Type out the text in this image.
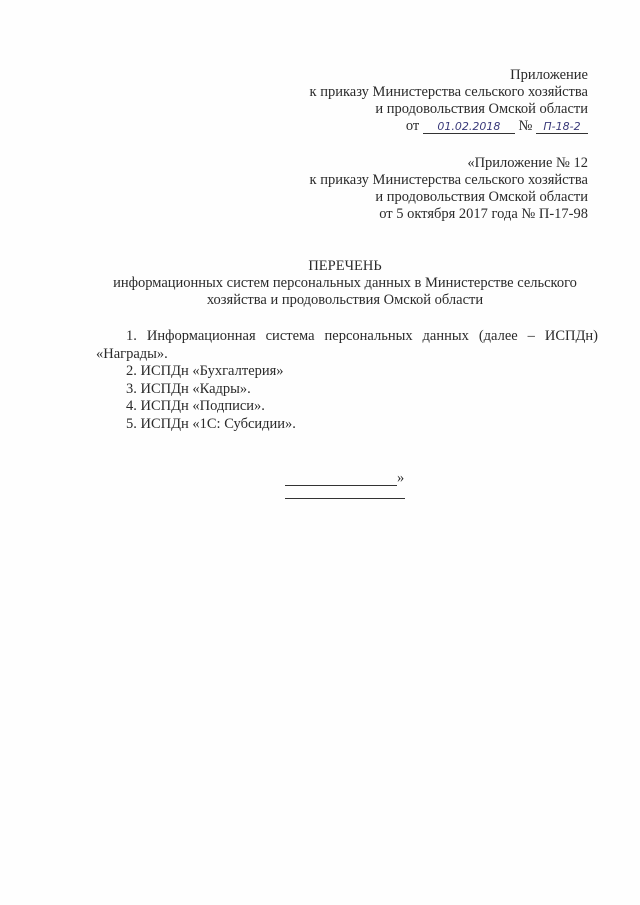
Приложение
к приказу Министерства сельского хозяйства
и продовольствия Омской области
от 01.02.2018 № П-18-2
«Приложение № 12
к приказу Министерства сельского хозяйства
и продовольствия Омской области
от 5 октября 2017 года № П-17-98
ПЕРЕЧЕНЬ
информационных систем персональных данных в Министерстве сельского
хозяйства и продовольствия Омской области
1. Информационная система персональных данных (далее – ИСПДн) «Награды».
2. ИСПДн «Бухгалтерия»
3. ИСПДн «Кадры».
4. ИСПДн «Подписи».
5. ИСПДн «1С: Субсидии».
»
